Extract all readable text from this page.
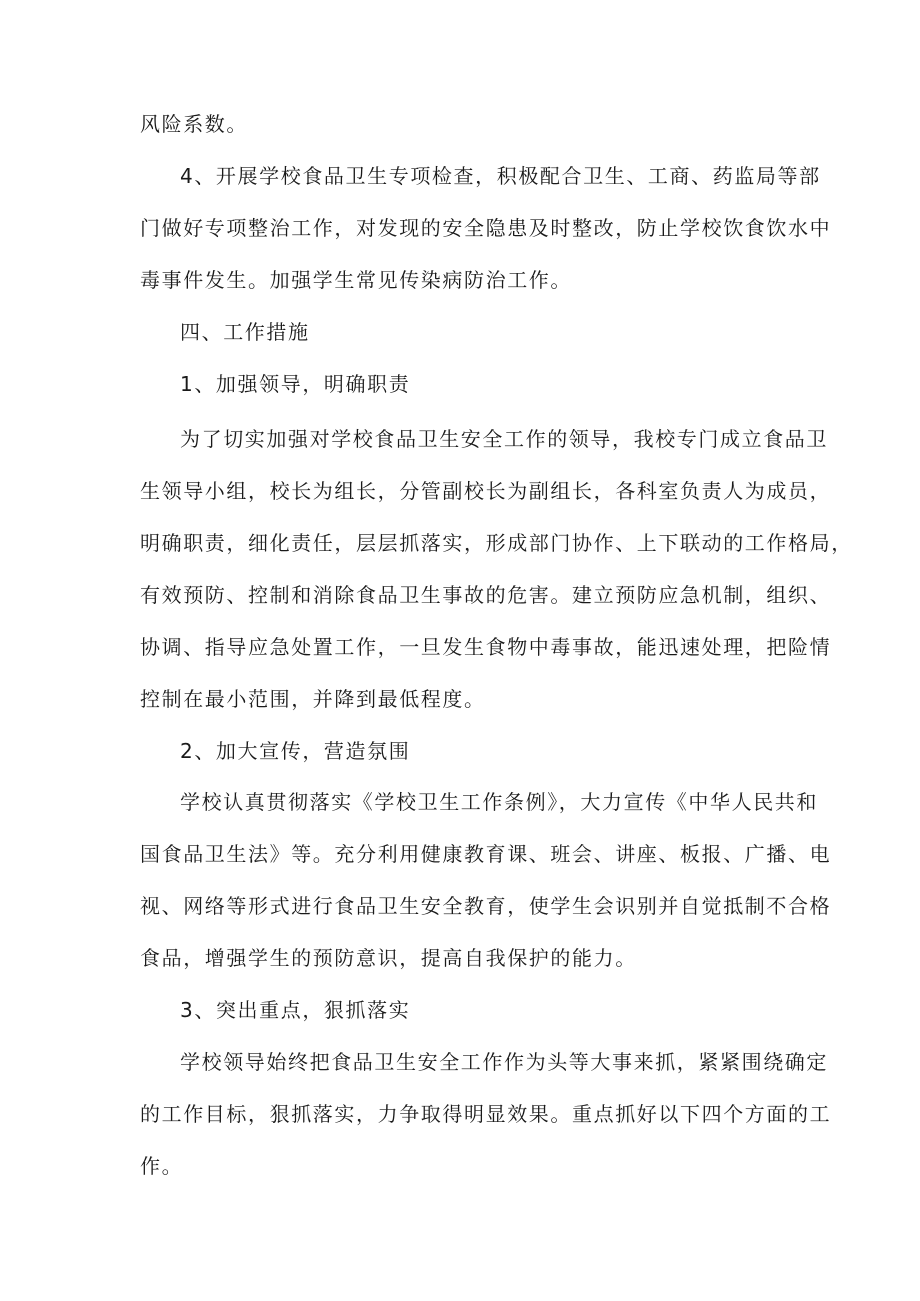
风险系数。
4、开展学校食品卫生专项检查，积极配合卫生、工商、药监局等部
门做好专项整治工作，对发现的安全隐患及时整改，防止学校饮食饮水中
毒事件发生。加强学生常见传染病防治工作。
四、工作措施
1、加强领导，明确职责
为了切实加强对学校食品卫生安全工作的领导，我校专门成立食品卫
生领导小组，校长为组长，分管副校长为副组长，各科室负责人为成员，
明确职责，细化责任，层层抓落实，形成部门协作、上下联动的工作格局，
有效预防、控制和消除食品卫生事故的危害。建立预防应急机制，组织、
协调、指导应急处置工作，一旦发生食物中毒事故，能迅速处理，把险情
控制在最小范围，并降到最低程度。
2、加大宣传，营造氛围
学校认真贯彻落实《学校卫生工作条例》，大力宣传《中华人民共和
国食品卫生法》等。充分利用健康教育课、班会、讲座、板报、广播、电
视、网络等形式进行食品卫生安全教育，使学生会识别并自觉抵制不合格
食品，增强学生的预防意识，提高自我保护的能力。
3、突出重点，狠抓落实
学校领导始终把食品卫生安全工作作为头等大事来抓，紧紧围绕确定
的工作目标，狠抓落实，力争取得明显效果。重点抓好以下四个方面的工
作。
